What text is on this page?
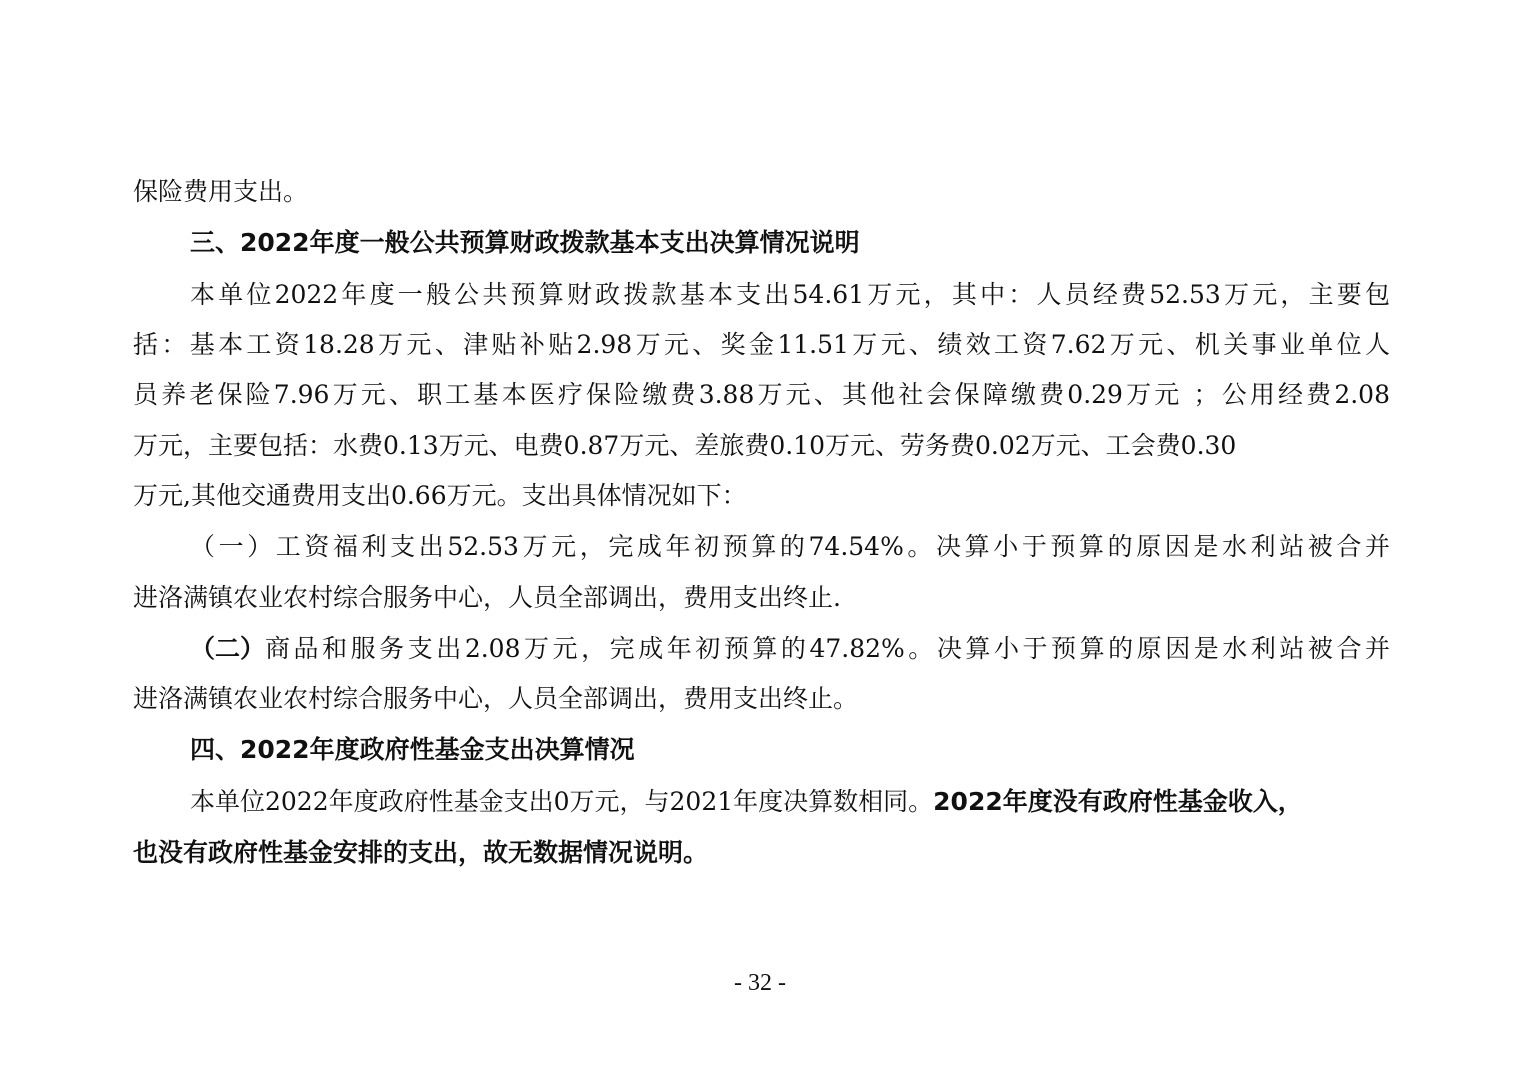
保险费用支出。
三、2022年度一般公共预算财政拨款基本支出决算情况说明
本单位2022年度一般公共预算财政拨款基本支出54.61万元，其中：人员经费52.53万元，主要包
括：基本工资18.28万元、津贴补贴2.98万元、奖金11.51万元、绩效工资7.62万元、机关事业单位人
员养老保险7.96万元、职工基本医疗保险缴费3.88万元、其他社会保障缴费0.29万元 ；公用经费2.08
万元，主要包括：水费0.13万元、电费0.87万元、差旅费0.10万元、劳务费0.02万元、工会费0.30
万元,其他交通费用支出0.66万元。支出具体情况如下：
（一）工资福利支出52.53万元，完成年初预算的74.54%。决算小于预算的原因是水利站被合并
进洛满镇农业农村综合服务中心，人员全部调出，费用支出终止.
（二） 商品和服务支出2.08万元，完成年初预算的47.82%。决算小于预算的原因是水利站被合并
进洛满镇农业农村综合服务中心，人员全部调出，费用支出终止。
四、2022年度政府性基金支出决算情况
本单位2022年度政府性基金支出0万元，与2021年度决算数相同。 2022年度没有政府性基金收入，
也没有政府性基金安排的支出，故无数据情况说明。
- 32 -
